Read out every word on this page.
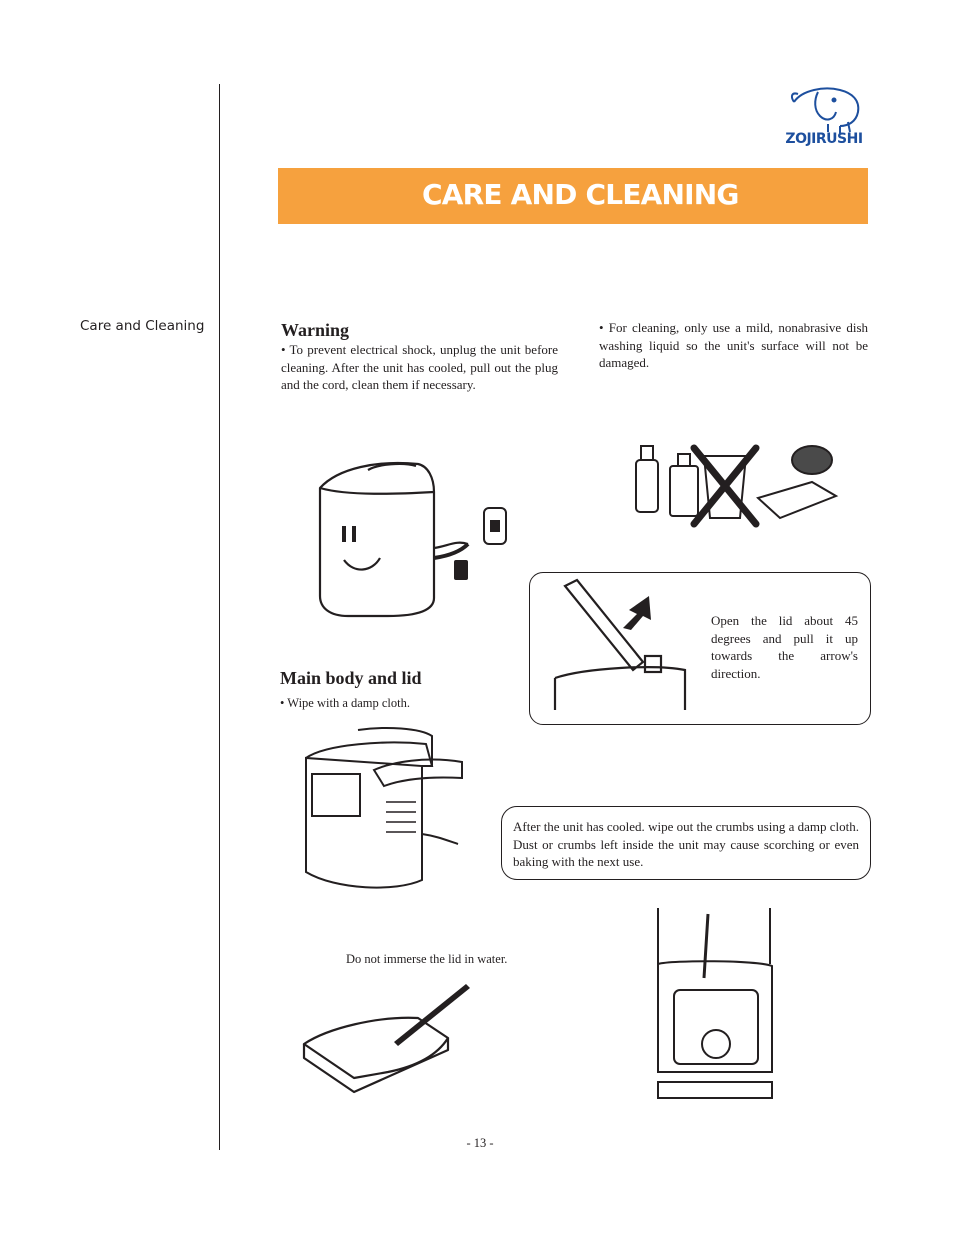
Care and Cleaning
ZOJIRUSHI
CARE AND CLEANING
Warning
• To prevent electrical shock, unplug the unit before cleaning. After the unit has cooled, pull out the plug and the cord, clean them if necessary.
• For cleaning, only use a mild, nonabrasive dish washing liquid so the unit's surface will not be damaged.
Open the lid about 45 degrees and pull it up towards the arrow's direction.
Main body and lid
• Wipe with a damp cloth.
After the unit has cooled. wipe out the crumbs using a damp cloth. Dust or crumbs left inside the unit may cause scorching or even baking with the next use.
Do not immerse the lid in water.
- 13 -
